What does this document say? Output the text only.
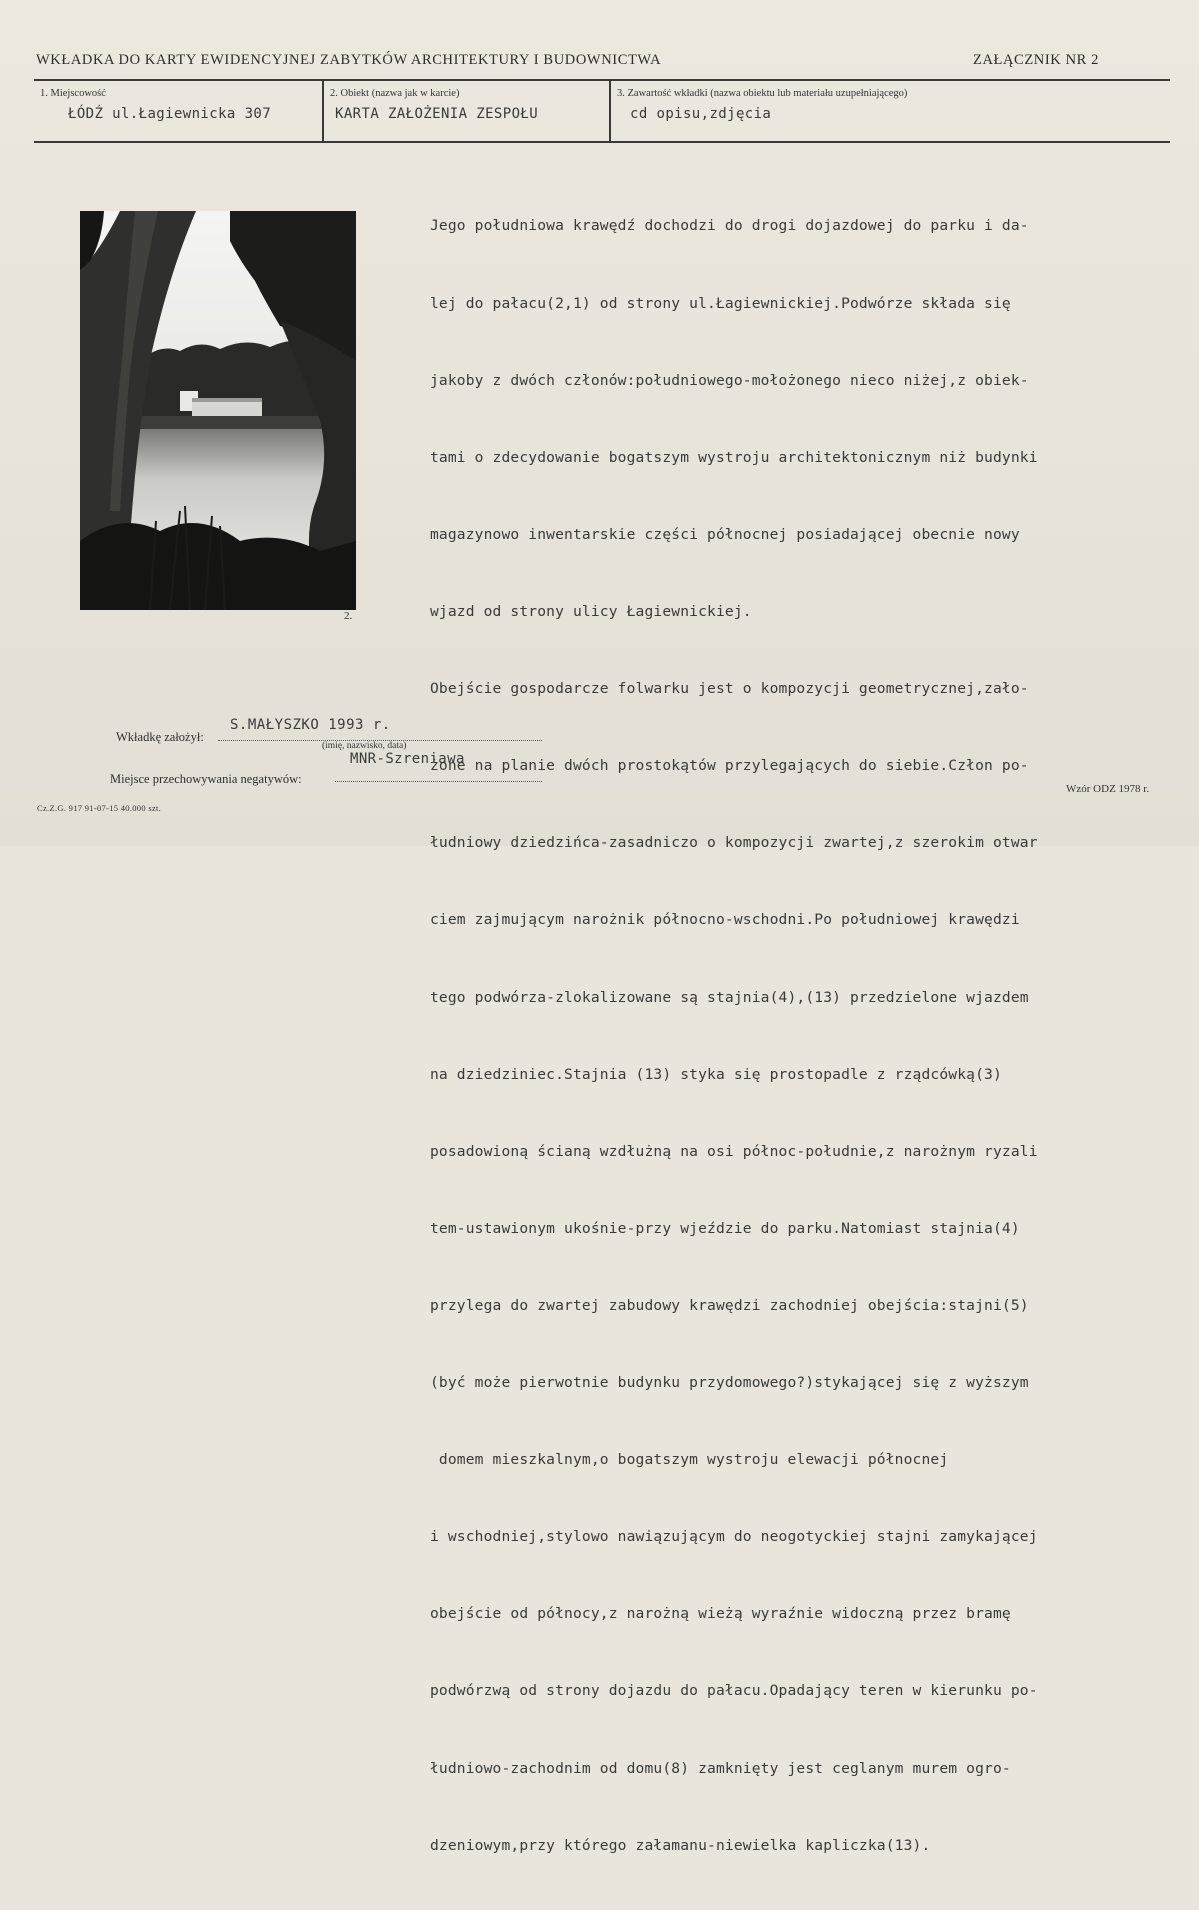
WKŁADKA DO KARTY EWIDENCYJNEJ ZABYTKÓW ARCHITEKTURY I BUDOWNICTWA	ZAŁĄCZNIK NR 2
1. Miejscowość	2. Obiekt (nazwa jak w karcie)	3. Zawartość wkładki (nazwa obiektu lub materiału uzupełniającego)
ŁÓDŹ ul.Łagiewnicka 307	KARTA ZAŁOŻENIA ZESPOŁU	cd opisu,zdjęcia
2.

Jego południowa krawędź dochodzi do drogi dojazdowej do parku i da-

lej do pałacu(2,1) od strony ul.Łagiewnickiej.Podwórze składa się

jakoby z dwóch członów:południowego-mołożonego nieco niżej,z obiek-

tami o zdecydowanie bogatszym wystroju architektonicznym niż budynki

magazynowo inwentarskie części północnej posiadającej obecnie nowy

wjazd od strony ulicy Łagiewnickiej.

Obejście gospodarcze folwarku jest o kompozycji geometrycznej,zało-

żone na planie dwóch prostokątów przylegających do siebie.Człon po-

łudniowy dziedzińca-zasadniczo o kompozycji zwartej,z szerokim otwar

ciem zajmującym narożnik północno-wschodni.Po południowej krawędzi

tego podwórza-zlokalizowane są stajnia(4),(13) przedzielone wjazdem

na dziedziniec.Stajnia (13) styka się prostopadle z rządcówką(3)

posadowioną ścianą wzdłużną na osi północ-południe,z narożnym ryzali

tem-ustawionym ukośnie-przy wjeździe do parku.Natomiast stajnia(4)

przylega do zwartej zabudowy krawędzi zachodniej obejścia:stajni(5)

(być może pierwotnie budynku przydomowego?)stykającej się z wyższym

domem mieszkalnym,o bogatszym wystroju elewacji północnej

i wschodniej,stylowo nawiązującym do neogotyckiej stajni zamykającej

obejście od północy,z narożną wieżą wyraźnie widoczną przez bramę

podwórzwą od strony dojazdu do pałacu.Opadający teren w kierunku po-

łudniowo-zachodnim od domu(8) zamknięty jest ceglanym murem ogro-

dzeniowym,przy którego załamanu-niewielka kapliczka(13).

Wkładkę założył:
S.MAŁYSZKO 1993 r.
(imię, nazwisko, data)
Miejsce przechowywania negatywów:
MNR-Szreniawa
Cz.Z.G. 917 91-07-15 40.000 szt.
Wzór ODZ 1978 r.
